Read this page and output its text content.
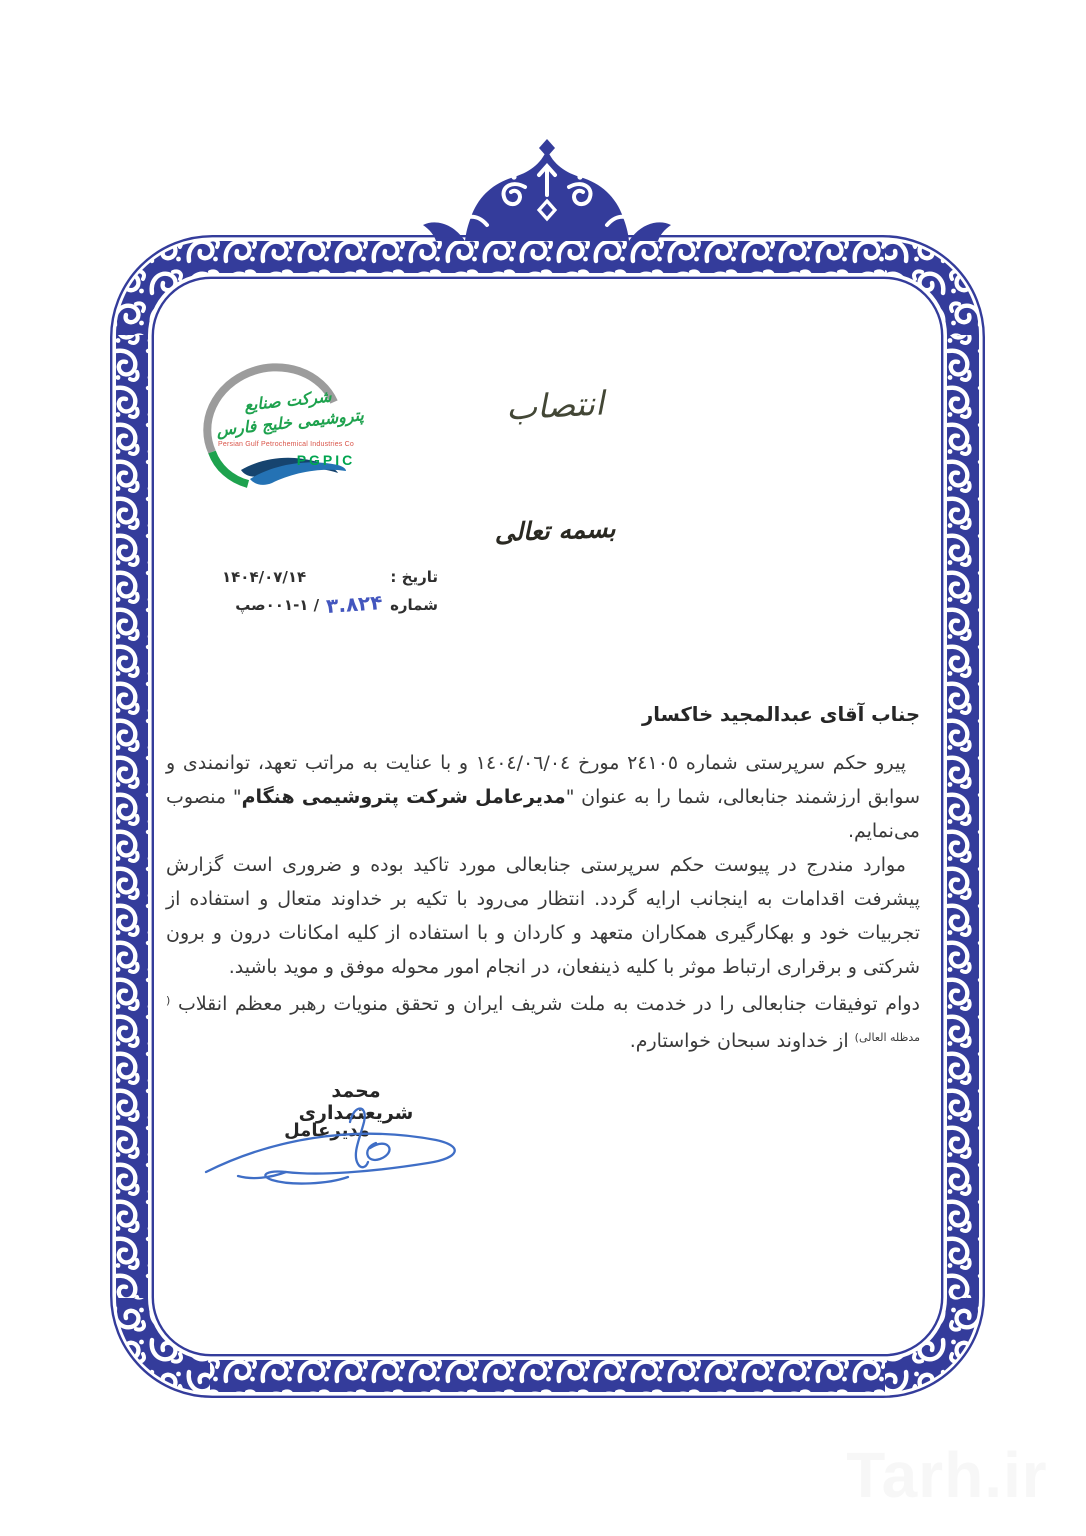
شرکت صنایع پتروشیمی خلیج فارس
Persian Gulf Petrochemical Industries Co
PGPIC
انتصاب
بسمه تعالی
تاریخ :
۱۴۰۴/۰۷/۱۴
شماره ۳.۸۲۴ / ۱-۰۰۱صپ
جناب آقای عبدالمجید خاکسار

پیرو حکم سرپرستی شماره ٢٤١٠٥ مورخ ١٤٠٤/٠٦/٠٤ و با عنایت به مراتب تعهد، توانمندی و سوابق ارزشمند جنابعالی، شما را به عنوان "مدیرعامل شرکت پتروشیمی هنگام" منصوب می‌نمایم.

موارد مندرج در پیوست حکم سرپرستی جنابعالی مورد تاکید بوده و ضروری است گزارش پیشرفت اقدامات به اینجانب ارایه گردد. انتظار می‌رود با تکیه بر خداوند متعال و استفاده از تجربیات خود و بهکارگیری همکاران متعهد و کاردان و با استفاده از کلیه امکانات درون و برون شرکتی و برقراری ارتباط موثر با کلیه ذینفعان، در انجام امور محوله موفق و موید باشید.

دوام توفیقات جنابعالی را در خدمت به ملت شریف ایران و تحقق منویات رهبر معظم انقلاب $^{( مدظله العالی)}$ از خداوند سبحان خواستارم.

محمد شریعتمداری
مدیرعامل
Tarh.ir
